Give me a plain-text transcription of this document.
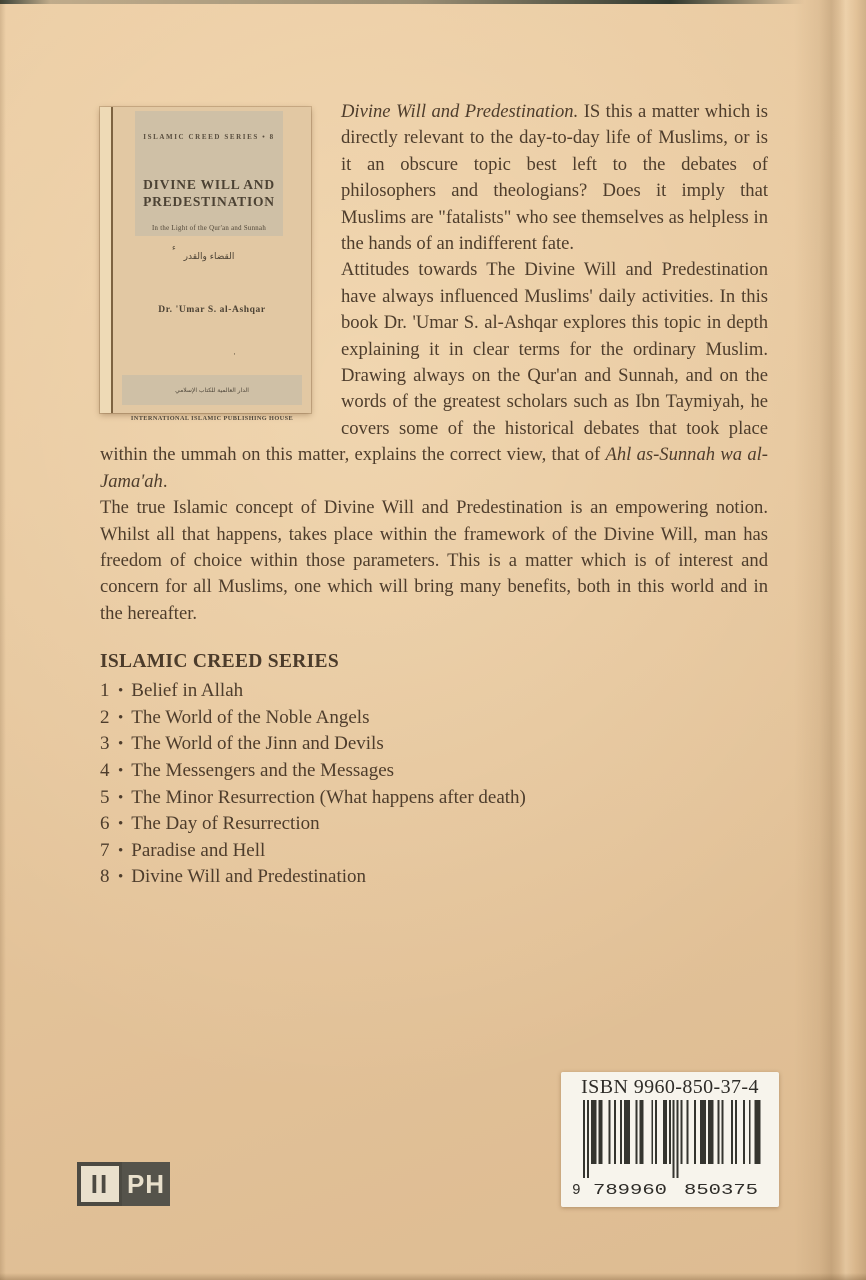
ISLAMIC CREED SERIES • 8
DIVINE WILL AND
PREDESTINATION
In the Light of the Qur'an and Sunnah
القضاء والقدر
ء
Dr. 'Umar S. al-Ashqar
·
الدار العالمية للكتاب الإسلامي
INTERNATIONAL ISLAMIC PUBLISHING HOUSE

Divine Will and Predestination. IS this a matter which is directly relevant to the day-to-day life of Muslims, or is it an obscure topic best left to the debates of philosophers and theologians? Does it imply that Muslims are "fatalists" who see themselves as helpless in the hands of an indifferent fate.

Attitudes towards The Divine Will and Predestination have always influenced Muslims' daily activities. In this book Dr. 'Umar S. al-Ashqar explores this topic in depth explaining it in clear terms for the ordinary Muslim. Drawing always on the Qur'an and Sunnah, and on the words of the greatest scholars such as Ibn Taymiyah, he covers some of the historical debates that took place within the ummah on this matter, explains the correct view, that of Ahl as-Sunnah wa al-Jama'ah.

The true Islamic concept of Divine Will and Predestination is an empowering notion. Whilst all that happens, takes place within the framework of the Divine Will, man has freedom of choice within those parameters. This is a matter which is of interest and concern for all Muslims, one which will bring many benefits, both in this world and in the hereafter.

ISLAMIC CREED SERIES
1 • Belief in Allah
2 • The World of the Noble Angels
3 • The World of the Jinn and Devils
4 • The Messengers and the Messages
5 • The Minor Resurrection (What happens after death)
6 • The Day of Resurrection
7 • Paradise and Hell
8 • Divine Will and Predestination
ISBN 9960-850-37-4
9 789960 850375
II PH
